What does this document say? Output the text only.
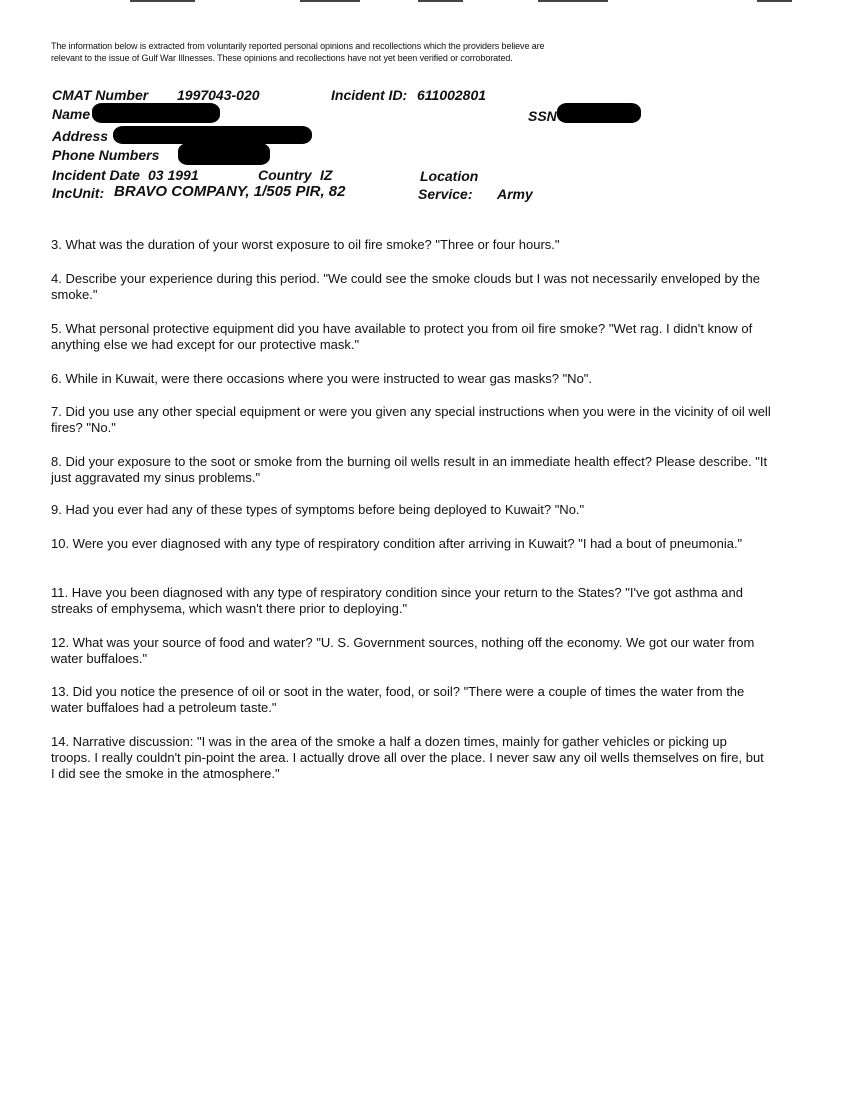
The information below is extracted from voluntarily reported personal opinions and recollections which the providers believe are relevant to the issue of Gulf War Illnesses. These opinions and recollections have not yet been verified or corroborated.
CMAT Number 1997043-020	Incident ID: 611002801
Name	SSN
Address
Phone Numbers
Incident Date 03 1991	Country IZ	Location
IncUnit: BRAVO COMPANY, 1/505 PIR, 82	Service: Army
3. What was the duration of your worst exposure to oil fire smoke? "Three or four hours."
4. Describe your experience during this period. "We could see the smoke clouds but I was not necessarily enveloped by the smoke."
5. What personal protective equipment did you have available to protect you from oil fire smoke? "Wet rag. I didn't know of anything else we had except for our protective mask."
6. While in Kuwait, were there occasions where you were instructed to wear gas masks? "No".
7. Did you use any other special equipment or were you given any special instructions when you were in the vicinity of oil well fires? "No."
8. Did your exposure to the soot or smoke from the burning oil wells result in an immediate health effect? Please describe. "It just aggravated my sinus problems."
9. Had you ever had any of these types of symptoms before being deployed to Kuwait? "No."
10. Were you ever diagnosed with any type of respiratory condition after arriving in Kuwait? "I had a bout of pneumonia."
11. Have you been diagnosed with any type of respiratory condition since your return to the States? "I've got asthma and streaks of emphysema, which wasn't there prior to deploying."
12. What was your source of food and water? "U. S. Government sources, nothing off the economy. We got our water from water buffaloes."
13. Did you notice the presence of oil or soot in the water, food, or soil? "There were a couple of times the water from the water buffaloes had a petroleum taste."
14. Narrative discussion: "I was in the area of the smoke a half a dozen times, mainly for gather vehicles or picking up troops. I really couldn't pin-point the area. I actually drove all over the place. I never saw any oil wells themselves on fire, but I did see the smoke in the atmosphere."
